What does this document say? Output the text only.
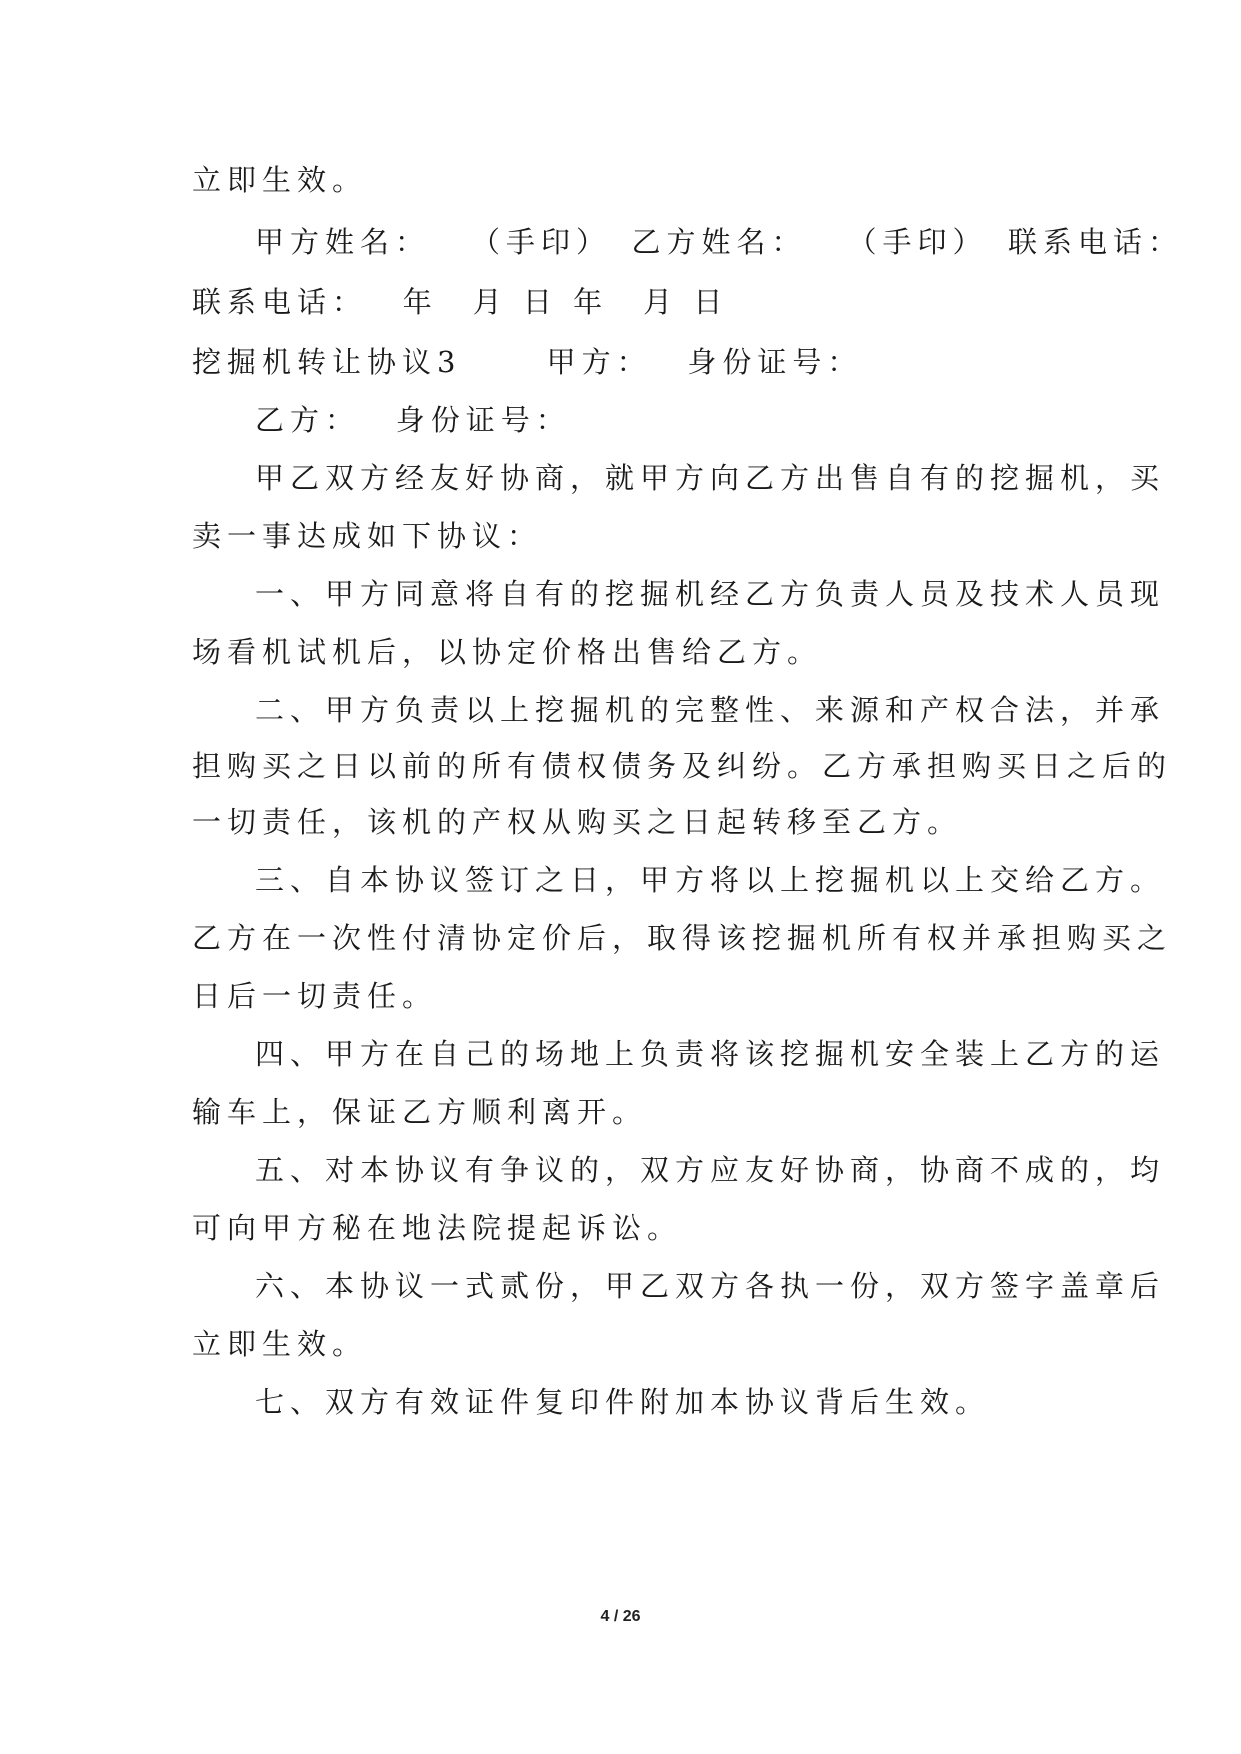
立即生效。
甲方姓名：　　（手印）　乙方姓名：　　（手印）　联系电话：
联系电话：　 年　月 日 年　月 日
挖掘机转让协议3　　 甲方：　 身份证号：
乙方：　 身份证号：
甲乙双方经友好协商，就甲方向乙方出售自有的挖掘机，买
卖一事达成如下协议：
一、甲方同意将自有的挖掘机经乙方负责人员及技术人员现
场看机试机后，以协定价格出售给乙方。
二、甲方负责以上挖掘机的完整性、来源和产权合法，并承
担购买之日以前的所有债权债务及纠纷。乙方承担购买日之后的
一切责任，该机的产权从购买之日起转移至乙方。
三、自本协议签订之日，甲方将以上挖掘机以上交给乙方。
乙方在一次性付清协定价后，取得该挖掘机所有权并承担购买之
日后一切责任。
四、甲方在自己的场地上负责将该挖掘机安全装上乙方的运
输车上，保证乙方顺利离开。
五、对本协议有争议的，双方应友好协商，协商不成的，均
可向甲方秘在地法院提起诉讼。
六、本协议一式贰份，甲乙双方各执一份，双方签字盖章后
立即生效。
七、双方有效证件复印件附加本协议背后生效。
4 / 26
